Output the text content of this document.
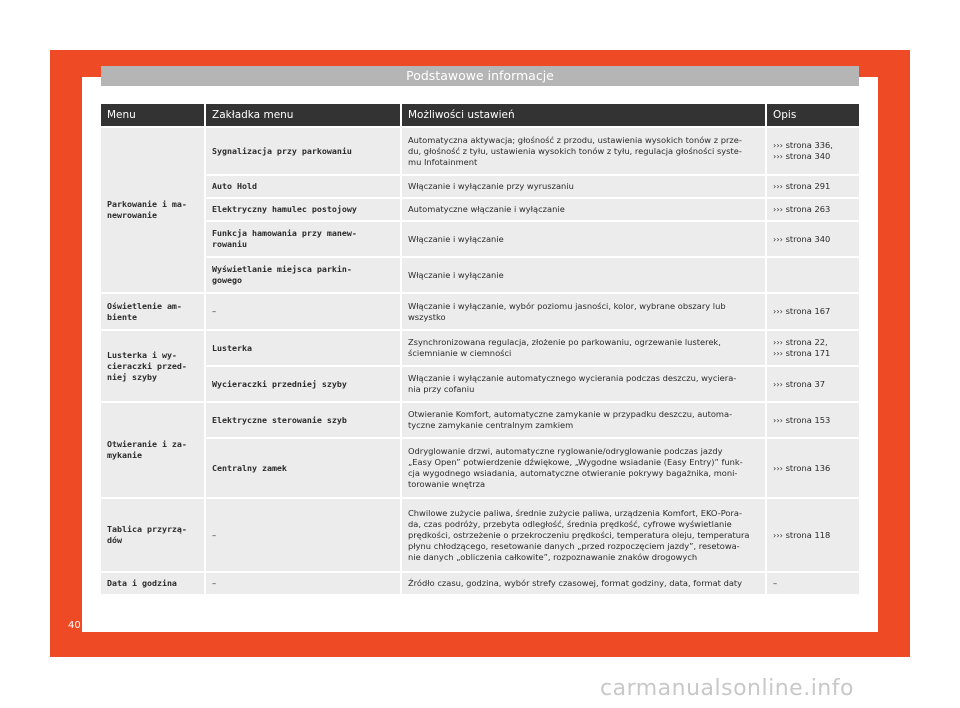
Podstawowe informacje
Menu	Zakładka menu	Możliwości ustawień	Opis
Parkowanie i ma-
newrowanie	Sygnalizacja przy parkowaniu	Automatyczna aktywacja; głośność z przodu, ustawienia wysokich tonów z prze-
du, głośność z tyłu, ustawienia wysokich tonów z tyłu, regulacja głośności syste-
mu Infotainment	››› strona 336,
››› strona 340
	Auto Hold	Włączanie i wyłączanie przy wyruszaniu	››› strona 291
	Elektryczny hamulec postojowy	Automatyczne włączanie i wyłączanie	››› strona 263
	Funkcja hamowania przy manew-
rowaniu	Włączanie i wyłączanie	››› strona 340
	Wyświetlanie miejsca parkin-
gowego	Włączanie i wyłączanie	
Oświetlenie am-
biente	–	Włączanie i wyłączanie, wybór poziomu jasności, kolor, wybrane obszary lub
wszystko	››› strona 167
Lusterka i wy-
cieraczki przed-
niej szyby	Lusterka	Zsynchronizowana regulacja, złożenie po parkowaniu, ogrzewanie lusterek,
ściemnianie w ciemności	››› strona 22,
››› strona 171
	Wycieraczki przedniej szyby	Włączanie i wyłączanie automatycznego wycierania podczas deszczu, wyciera-
nia przy cofaniu	››› strona 37
Otwieranie i za-
mykanie	Elektryczne sterowanie szyb	Otwieranie Komfort, automatyczne zamykanie w przypadku deszczu, automa-
tyczne zamykanie centralnym zamkiem	››› strona 153
	Centralny zamek	Odryglowanie drzwi, automatyczne ryglowanie/odryglowanie podczas jazdy
„Easy Open” potwierdzenie dźwiękowe, „Wygodne wsiadanie (Easy Entry)” funk-
cja wygodnego wsiadania, automatyczne otwieranie pokrywy bagażnika, moni-
torowanie wnętrza	››› strona 136
Tablica przyrzą-
dów	–	Chwilowe zużycie paliwa, średnie zużycie paliwa, urządzenia Komfort, EKO-Pora-
da, czas podróży, przebyta odległość, średnia prędkość, cyfrowe wyświetlanie
prędkości, ostrzeżenie o przekroczeniu prędkości, temperatura oleju, temperatura
płynu chłodzącego, resetowanie danych „przed rozpoczęciem jazdy”, resetowa-
nie danych „obliczenia całkowite”, rozpoznawanie znaków drogowych	››› strona 118
Data i godzina	–	Źródło czasu, godzina, wybór strefy czasowej, format godziny, data, format daty	–
40
carmanualsonline.info
